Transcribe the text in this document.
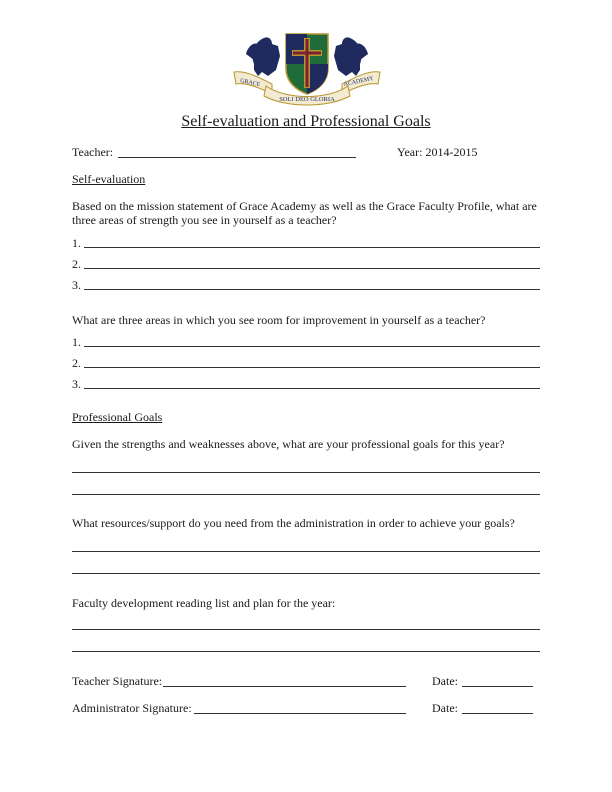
GRACE	ACADEMY
SOLI DEO GLORIA
Self-evaluation and Professional Goals
Teacher:	Year: 2014-2015
Self-evaluation
Based on the mission statement of Grace Academy as well as the Grace Faculty Profile, what are
three areas of strength you see in yourself as a teacher?
1.
2.
3.
What are three areas in which you see room for improvement in yourself as a teacher?
1.
2.
3.
Professional Goals
Given the strengths and weaknesses above, what are your professional goals for this year?
What resources/support do you need from the administration in order to achieve your goals?
Faculty development reading list and plan for the year:
Teacher Signature:	Date:
Administrator Signature:	Date:
